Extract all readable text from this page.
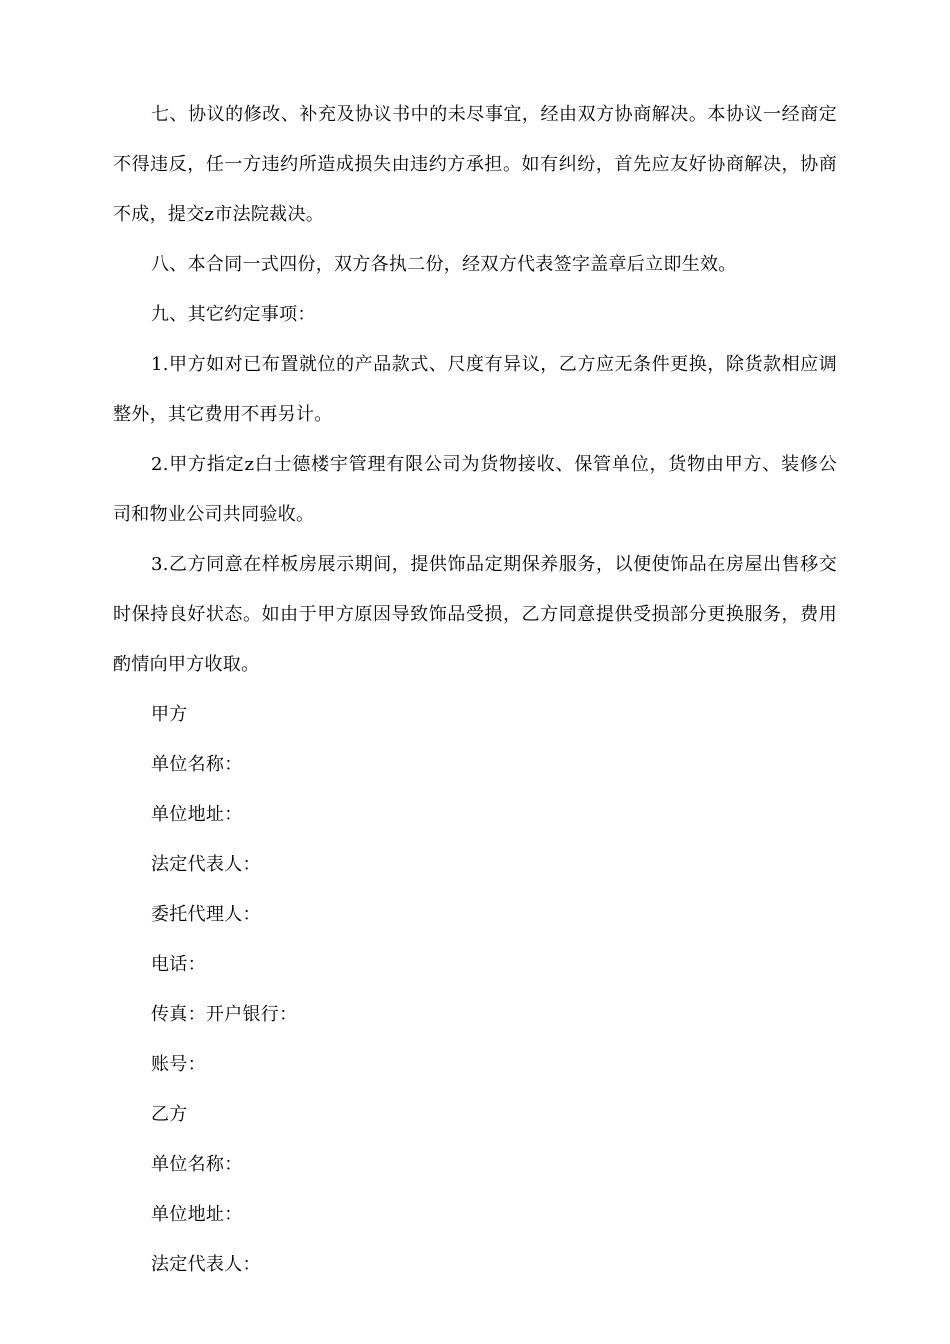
七、协议的修改、补充及协议书中的未尽事宜，经由双方协商解决。本协议一经商定不得违反，任一方违约所造成损失由违约方承担。如有纠纷，首先应友好协商解决，协商不成，提交z市法院裁决。

八、本合同一式四份，双方各执二份，经双方代表签字盖章后立即生效。

九、其它约定事项：

1.甲方如对已布置就位的产品款式、尺度有异议，乙方应无条件更换，除货款相应调整外，其它费用不再另计。

2.甲方指定z白士德楼宇管理有限公司为货物接收、保管单位，货物由甲方、装修公司和物业公司共同验收。

3.乙方同意在样板房展示期间，提供饰品定期保养服务，以便使饰品在房屋出售移交时保持良好状态。如由于甲方原因导致饰品受损，乙方同意提供受损部分更换服务，费用酌情向甲方收取。

甲方

单位名称：

单位地址：

法定代表人：

委托代理人：

电话：

传真：开户银行：

账号：

乙方

单位名称：

单位地址：

法定代表人：
